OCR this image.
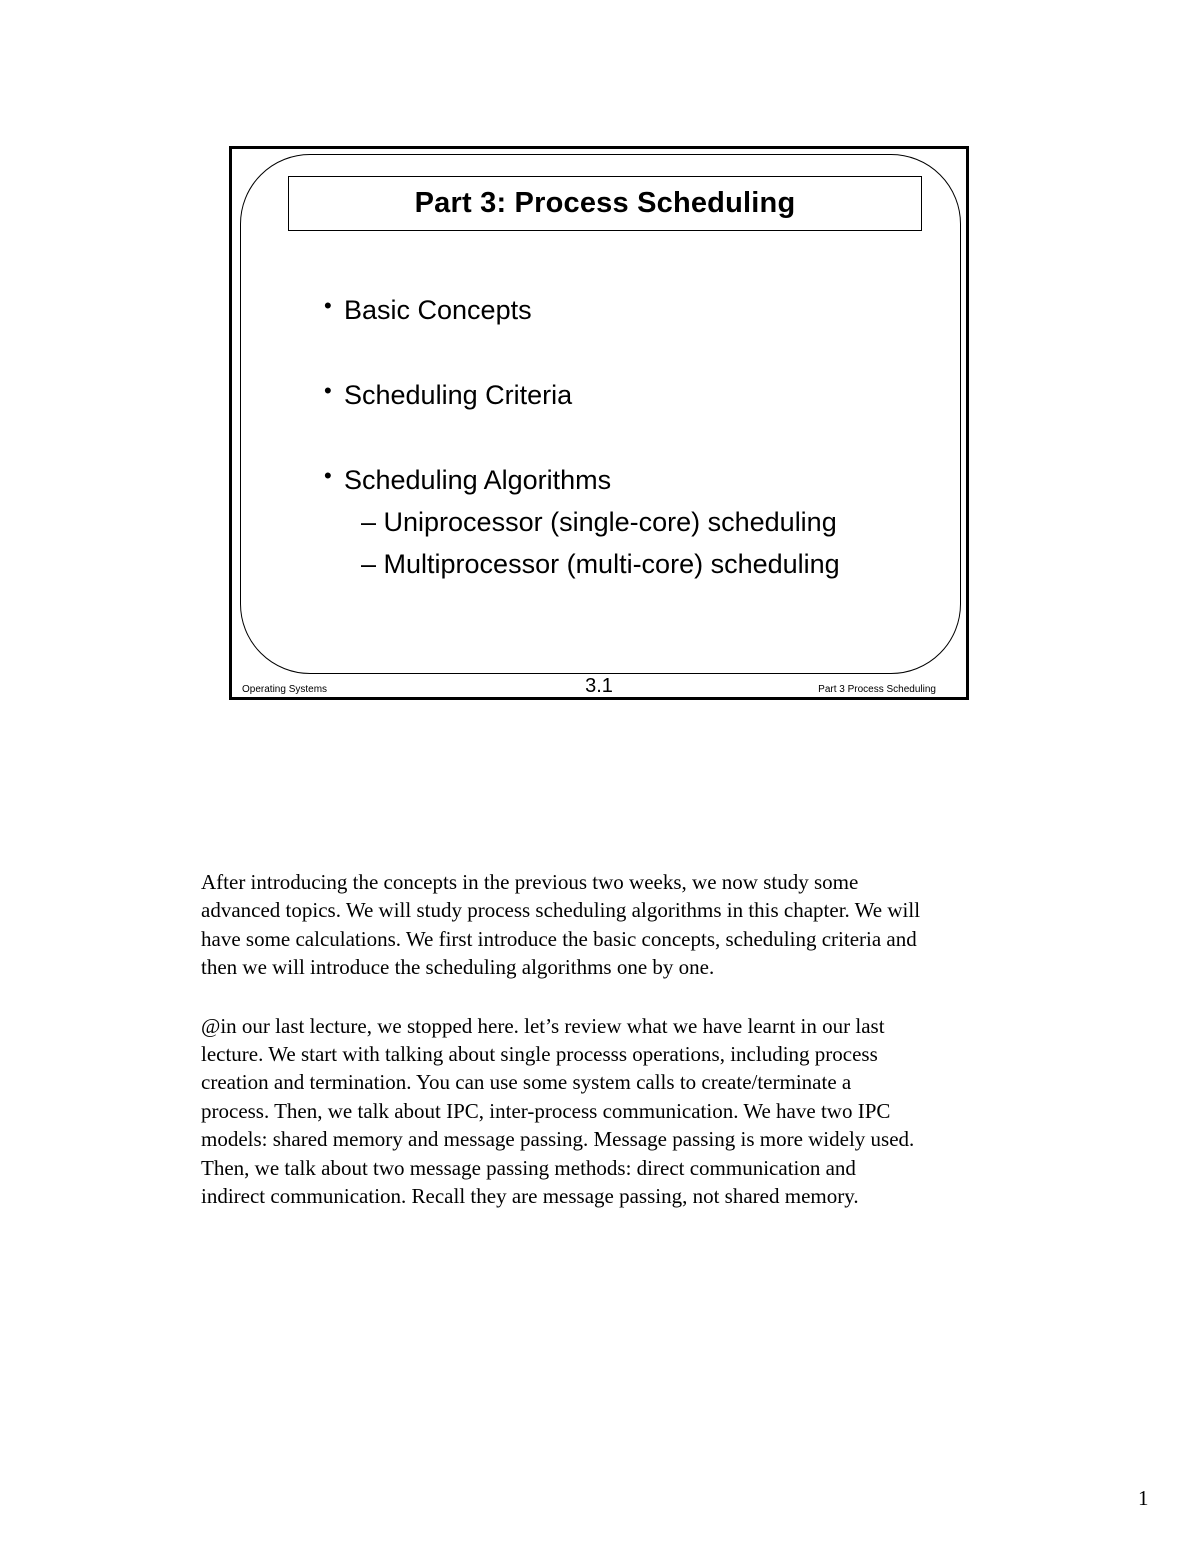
Part 3: Process Scheduling
• Basic Concepts
• Scheduling Criteria
• Scheduling Algorithms
– Uniprocessor (single-core) scheduling
– Multiprocessor (multi-core) scheduling
Operating Systems	3.1	Part 3 Process Scheduling

After introducing the concepts in the previous two weeks, we now study some advanced topics. We will study process scheduling algorithms in this chapter. We will have some calculations. We first introduce the basic concepts, scheduling criteria and then we will introduce the scheduling algorithms one by one.

@in our last lecture, we stopped here. let’s review what we have learnt in our last lecture. We start with talking about single processs operations, including process creation and termination. You can use some system calls to create/terminate a process. Then, we talk about IPC, inter-process communication. We have two IPC models: shared memory and message passing. Message passing is more widely used. Then, we talk about two message passing methods: direct communication and indirect communication. Recall they are message passing, not shared memory.

1
